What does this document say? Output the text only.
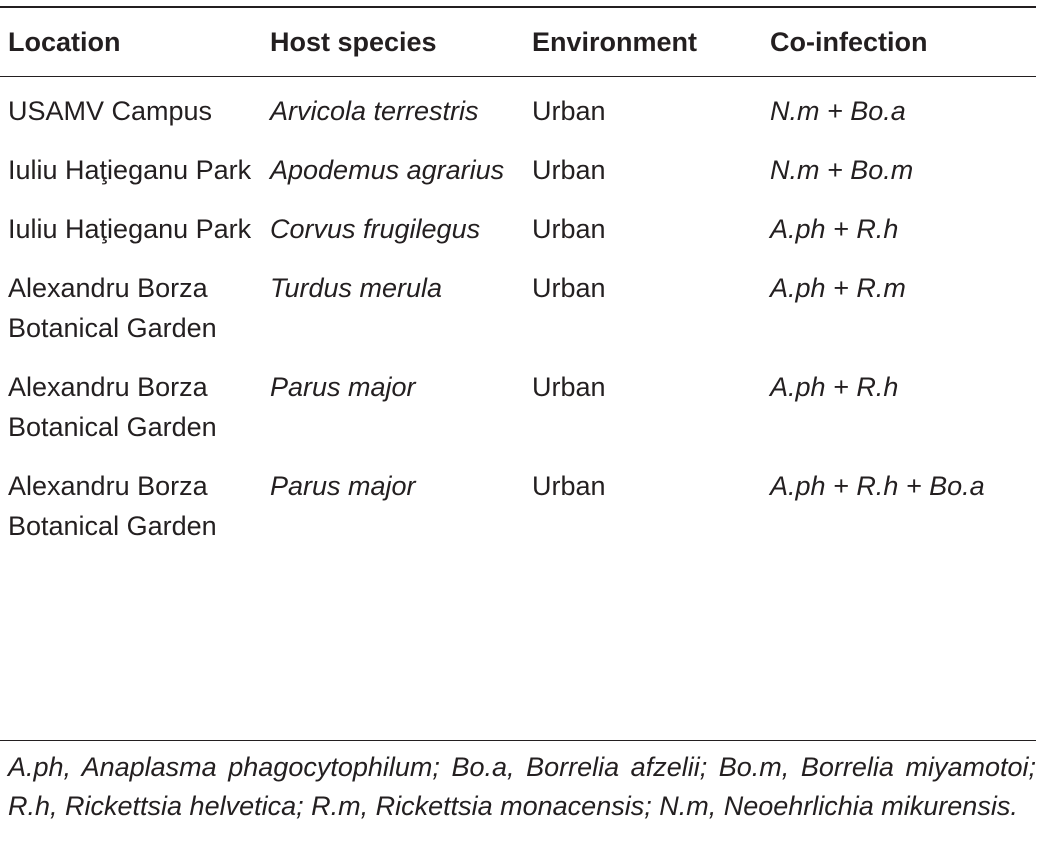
Location	Host species	Environment	Co-infection
USAMV Campus	Arvicola terrestris	Urban	N.m + Bo.a
Iuliu Haţieganu Park	Apodemus agrarius	Urban	N.m + Bo.m
Iuliu Haţieganu Park	Corvus frugilegus	Urban	A.ph + R.h
Alexandru Borza Botanical Garden	Turdus merula	Urban	A.ph + R.m
Alexandru Borza Botanical Garden	Parus major	Urban	A.ph + R.h
Alexandru Borza Botanical Garden	Parus major	Urban	A.ph + R.h + Bo.a
A.ph, Anaplasma phagocytophilum; Bo.a, Borrelia afzelii; Bo.m, Borrelia miyamotoi; R.h, Rickettsia helvetica; R.m, Rickettsia monacensis; N.m, Neoehrlichia mikurensis.
